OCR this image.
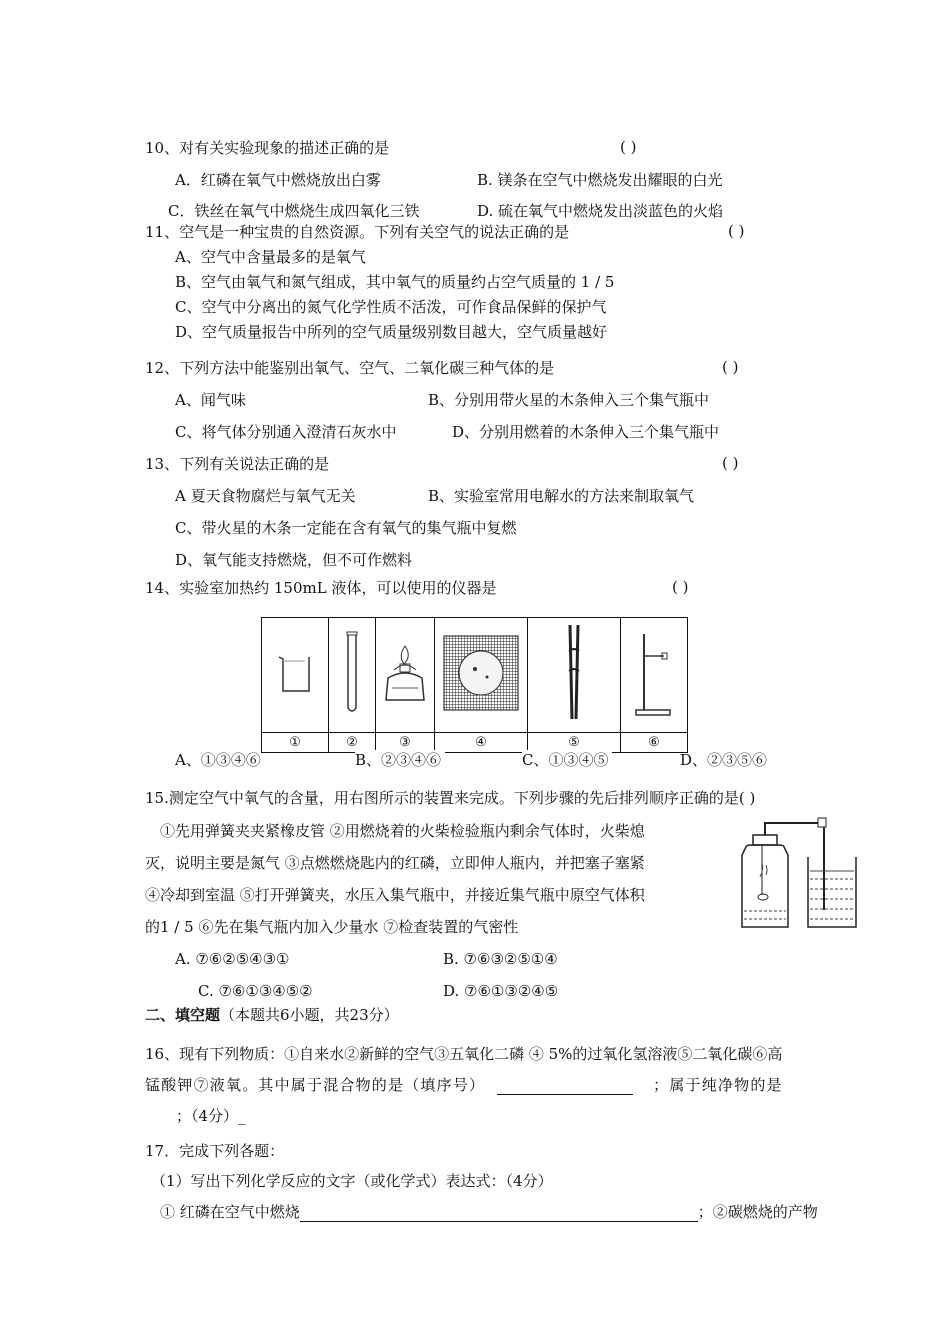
10、对有关实验现象的描述正确的是	( )
A．红磷在氧气中燃烧放出白雾	B. 镁条在空气中燃烧发出耀眼的白光
C．铁丝在氧气中燃烧生成四氧化三铁	D. 硫在氧气中燃烧发出淡蓝色的火焰
11、空气是一种宝贵的自然资源。下列有关空气的说法正确的是	( )
A、空气中含量最多的是氧气
B、空气由氧气和氮气组成，其中氧气的质量约占空气质量的 1 / 5
C、空气中分离出的氮气化学性质不活泼，可作食品保鲜的保护气
D、空气质量报告中所列的空气质量级别数目越大，空气质量越好
12、下列方法中能鉴别出氧气、空气、二氧化碳三种气体的是	( )
A、闻气味	B、分别用带火星的木条伸入三个集气瓶中
C、将气体分别通入澄清石灰水中	D、分别用燃着的木条伸入三个集气瓶中
13、下列有关说法正确的是	( )
A 夏天食物腐烂与氧气无关	B、实验室常用电解水的方法来制取氧气
C、带火星的木条一定能在含有氧气的集气瓶中复燃
D、氧气能支持燃烧，但不可作燃料
14、实验室加热约 150mL 液体，可以使用的仪器是	( )

①	②	③	④	⑤	⑥
A、①③④⑥	B、②③④⑥	C、①③④⑤	D、②③⑤⑥
15.测定空气中氧气的含量，用右图所示的装置来完成。下列步骤的先后排列顺序正确的是( )
①先用弹簧夹夹紧橡皮管 ②用燃烧着的火柴检验瓶内剩余气体时，火柴熄
灭，说明主要是氮气 ③点燃燃烧匙内的红磷，立即伸人瓶内，并把塞子塞紧
④冷却到室温 ⑤打开弹簧夹，水压入集气瓶中，并接近集气瓶中原空气体积
的1 / 5 ⑥先在集气瓶内加入少量水 ⑦检查装置的气密性
A. ⑦⑥②⑤④③①	B. ⑦⑥③②⑤①④
C. ⑦⑥①③④⑤②	D. ⑦⑥①③②④⑤
二、填空题（本题共6小题，共23分）
16、现有下列物质：①自来水②新鲜的空气③五氧化二磷 ④ 5%的过氧化氢溶液⑤二氧化碳⑥高
锰酸钾⑦液氧。其中属于混合物的是（填序号）	；属于纯净物的是
；（4分）_
17．完成下列各题：
（1）写出下列化学反应的文字（或化学式）表达式：（4分）
① 红磷在空气中燃烧	；②碳燃烧的产物
